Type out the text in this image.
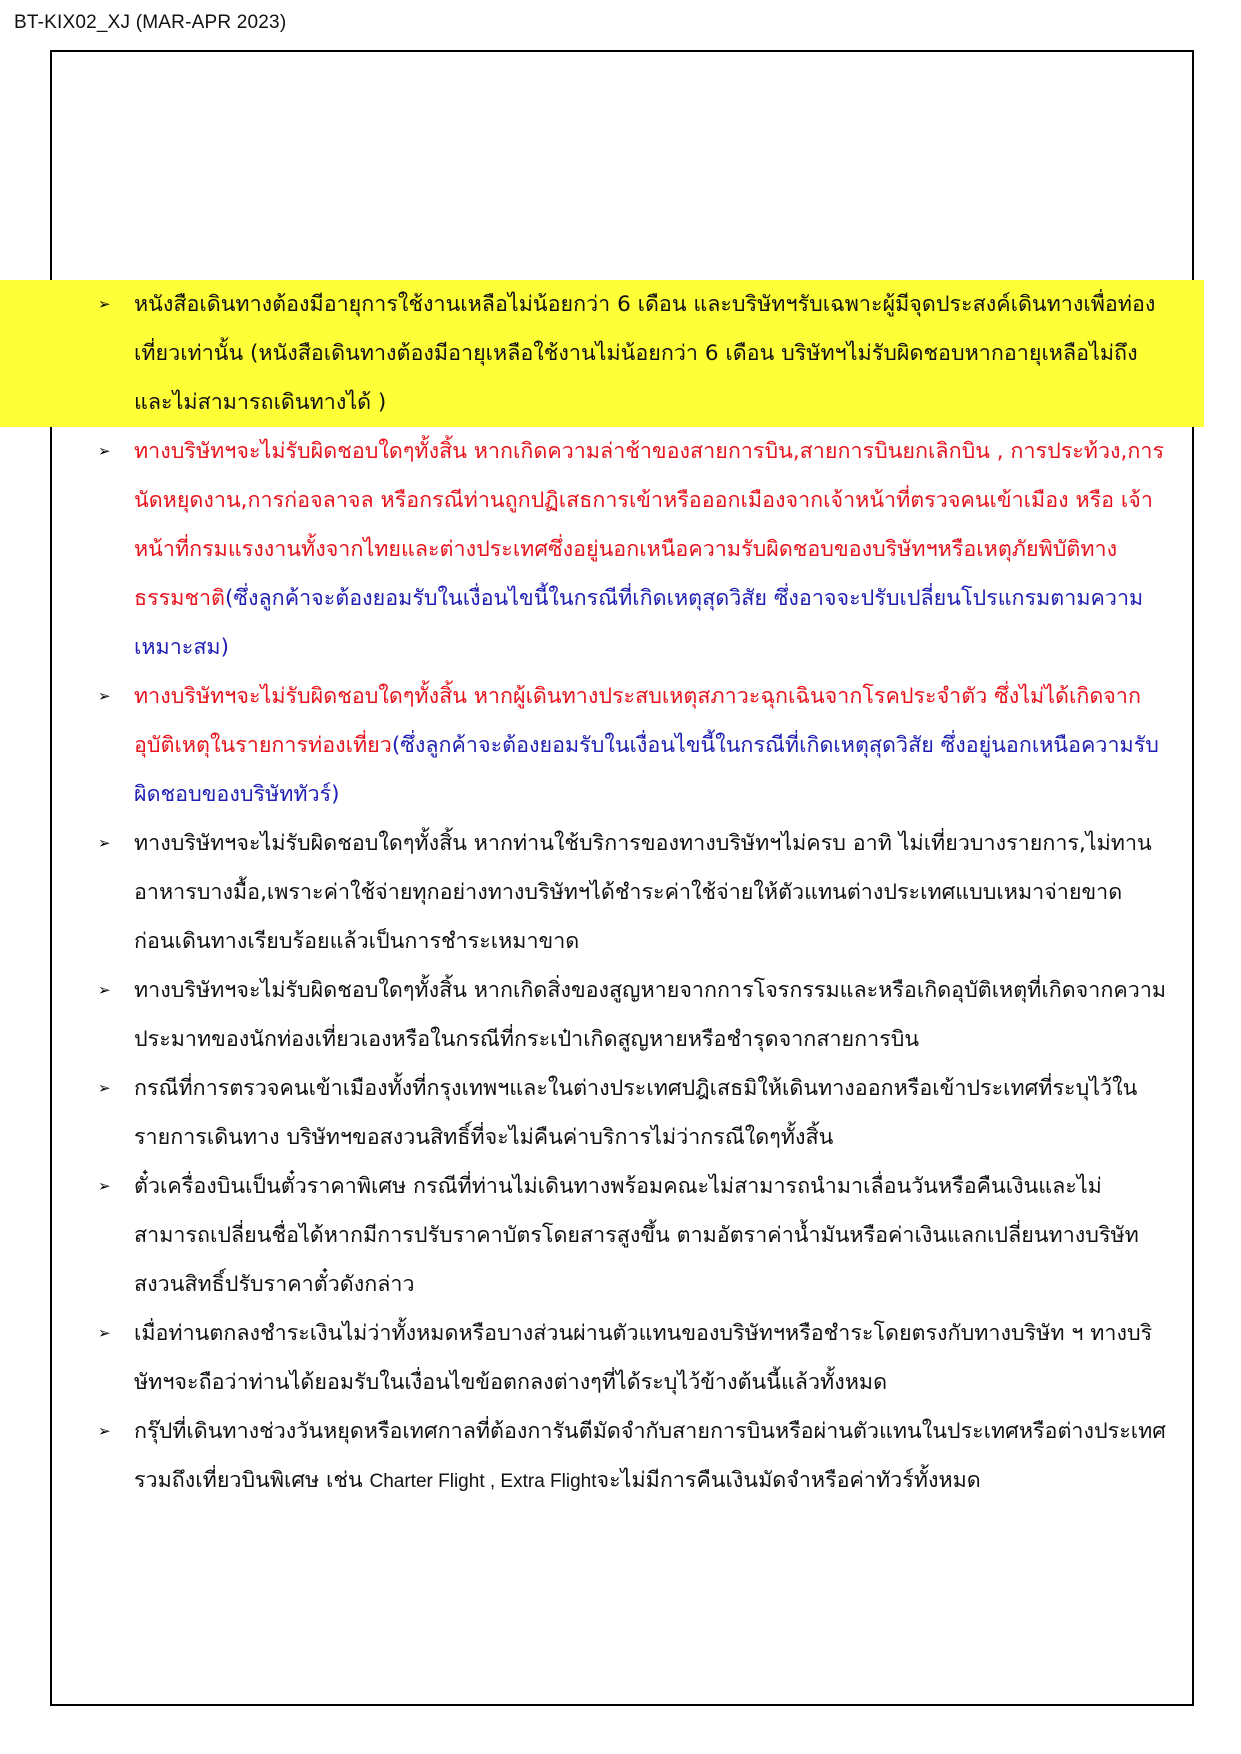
BT-KIX02_XJ (MAR-APR 2023)
➢ หนังสือเดินทางต้องมีอายุการใช้งานเหลือไม่น้อยกว่า 6 เดือน และบริษัทฯรับเฉพาะผู้มีจุดประสงค์เดินทางเพื่อท่องเที่ยวเท่านั้น (หนังสือเดินทางต้องมีอายุเหลือใช้งานไม่น้อยกว่า 6 เดือน บริษัทฯไม่รับผิดชอบหากอายุเหลือไม่ถึงและไม่สามารถเดินทางได้ )
➢ ทางบริษัทฯจะไม่รับผิดชอบใดๆทั้งสิ้น หากเกิดความล่าช้าของสายการบิน,สายการบินยกเลิกบิน , การประท้วง,การนัดหยุดงาน,การก่อจลาจล หรือกรณีท่านถูกปฏิเสธการเข้าหรือออกเมืองจากเจ้าหน้าที่ตรวจคนเข้าเมือง หรือ เจ้าหน้าที่กรมแรงงานทั้งจากไทยและต่างประเทศซึ่งอยู่นอกเหนือความรับผิดชอบของบริษัทฯหรือเหตุภัยพิบัติทางธรรมชาติ(ซึ่งลูกค้าจะต้องยอมรับในเงื่อนไขนี้ในกรณีที่เกิดเหตุสุดวิสัย ซึ่งอาจจะปรับเปลี่ยนโปรแกรมตามความเหมาะสม)
➢ ทางบริษัทฯจะไม่รับผิดชอบใดๆทั้งสิ้น หากผู้เดินทางประสบเหตุสภาวะฉุกเฉินจากโรคประจำตัว ซึ่งไม่ได้เกิดจากอุบัติเหตุในรายการท่องเที่ยว(ซึ่งลูกค้าจะต้องยอมรับในเงื่อนไขนี้ในกรณีที่เกิดเหตุสุดวิสัย ซึ่งอยู่นอกเหนือความรับผิดชอบของบริษัททัวร์)
➢ ทางบริษัทฯจะไม่รับผิดชอบใดๆทั้งสิ้น หากท่านใช้บริการของทางบริษัทฯไม่ครบ อาทิ ไม่เที่ยวบางรายการ,ไม่ทานอาหารบางมื้อ,เพราะค่าใช้จ่ายทุกอย่างทางบริษัทฯได้ชำระค่าใช้จ่ายให้ตัวแทนต่างประเทศแบบเหมาจ่ายขาด ก่อนเดินทางเรียบร้อยแล้วเป็นการชำระเหมาขาด
➢ ทางบริษัทฯจะไม่รับผิดชอบใดๆทั้งสิ้น หากเกิดสิ่งของสูญหายจากการโจรกรรมและหรือเกิดอุบัติเหตุที่เกิดจากความประมาทของนักท่องเที่ยวเองหรือในกรณีที่กระเป๋าเกิดสูญหายหรือชำรุดจากสายการบิน
➢ กรณีที่การตรวจคนเข้าเมืองทั้งที่กรุงเทพฯและในต่างประเทศปฎิเสธมิให้เดินทางออกหรือเข้าประเทศที่ระบุไว้ในรายการเดินทาง บริษัทฯขอสงวนสิทธิ์ที่จะไม่คืนค่าบริการไม่ว่ากรณีใดๆทั้งสิ้น
➢ ตั๋วเครื่องบินเป็นตั๋วราคาพิเศษ กรณีที่ท่านไม่เดินทางพร้อมคณะไม่สามารถนำมาเลื่อนวันหรือคืนเงินและไม่สามารถเปลี่ยนชื่อได้หากมีการปรับราคาบัตรโดยสารสูงขึ้น ตามอัตราค่าน้ำมันหรือค่าเงินแลกเปลี่ยนทางบริษัท สงวนสิทธิ์ปรับราคาตั๋วดังกล่าว
➢ เมื่อท่านตกลงชำระเงินไม่ว่าทั้งหมดหรือบางส่วนผ่านตัวแทนของบริษัทฯหรือชำระโดยตรงกับทางบริษัท ฯ ทางบริษัทฯจะถือว่าท่านได้ยอมรับในเงื่อนไขข้อตกลงต่างๆที่ได้ระบุไว้ข้างต้นนี้แล้วทั้งหมด
➢ กรุ๊ปที่เดินทางช่วงวันหยุดหรือเทศกาลที่ต้องการันตีมัดจำกับสายการบินหรือผ่านตัวแทนในประเทศหรือต่างประเทศ รวมถึงเที่ยวบินพิเศษ เช่น Charter Flight , Extra Flightจะไม่มีการคืนเงินมัดจำหรือค่าทัวร์ทั้งหมด
